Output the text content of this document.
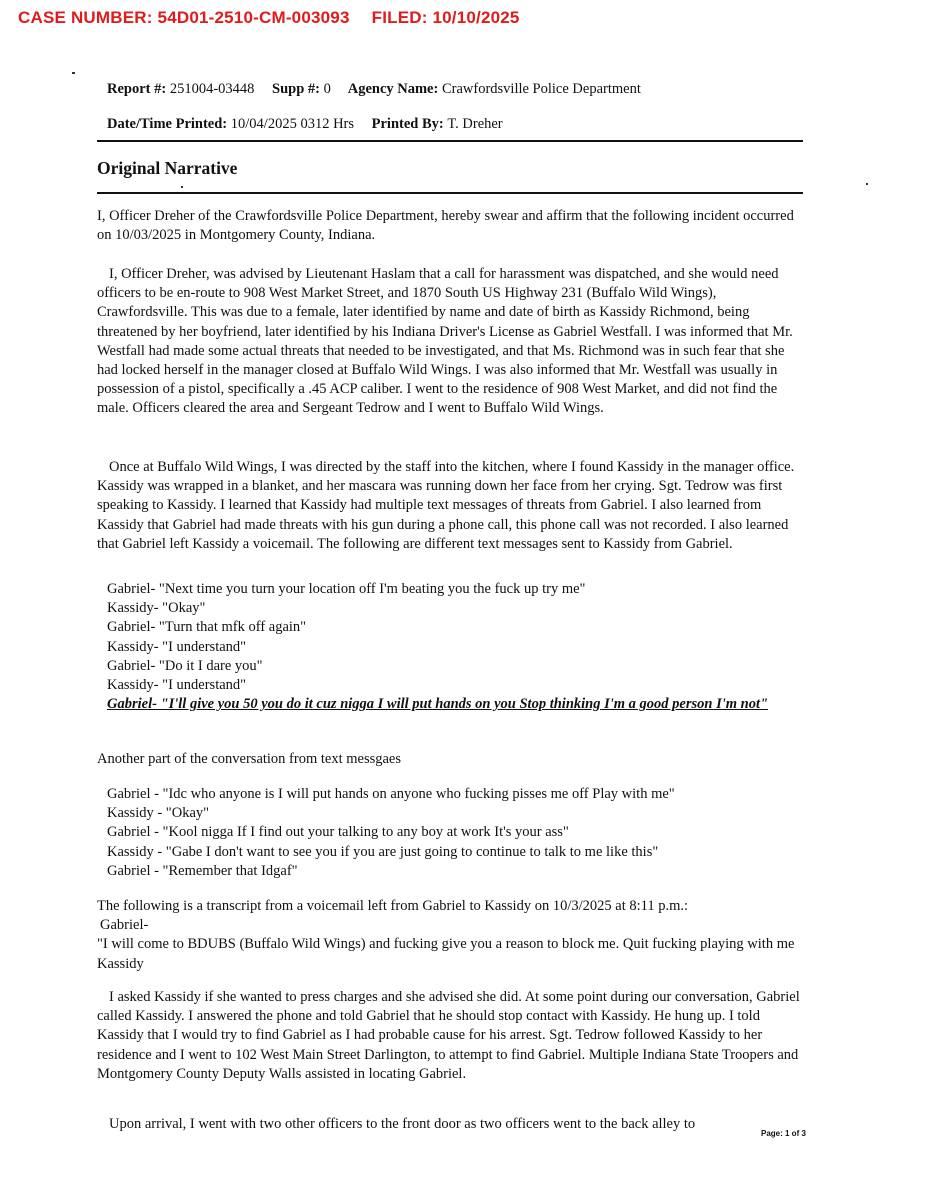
CASE NUMBER: 54D01-2510-CM-003093 FILED: 10/10/2025
Report #: 251004-03448 Supp #: 0 Agency Name: Crawfordsville Police Department
Date/Time Printed: 10/04/2025 0312 Hrs Printed By: T. Dreher
Original Narrative

I, Officer Dreher of the Crawfordsville Police Department, hereby swear and affirm that the following incident occurred on 10/03/2025 in Montgomery County, Indiana.

I, Officer Dreher, was advised by Lieutenant Haslam that a call for harassment was dispatched, and she would need officers to be en-route to 908 West Market Street, and 1870 South US Highway 231 (Buffalo Wild Wings), Crawfordsville. This was due to a female, later identified by name and date of birth as Kassidy Richmond, being threatened by her boyfriend, later identified by his Indiana Driver's License as Gabriel Westfall. I was informed that Mr. Westfall had made some actual threats that needed to be investigated, and that Ms. Richmond was in such fear that she had locked herself in the manager closed at Buffalo Wild Wings. I was also informed that Mr. Westfall was usually in possession of a pistol, specifically a .45 ACP caliber. I went to the residence of 908 West Market, and did not find the male. Officers cleared the area and Sergeant Tedrow and I went to Buffalo Wild Wings.

Once at Buffalo Wild Wings, I was directed by the staff into the kitchen, where I found Kassidy in the manager office. Kassidy was wrapped in a blanket, and her mascara was running down her face from her crying. Sgt. Tedrow was first speaking to Kassidy. I learned that Kassidy had multiple text messages of threats from Gabriel. I also learned from Kassidy that Gabriel had made threats with his gun during a phone call, this phone call was not recorded. I also learned that Gabriel left Kassidy a voicemail. The following are different text messages sent to Kassidy from Gabriel.

Gabriel- "Next time you turn your location off I'm beating you the fuck up try me"
Kassidy- "Okay"
Gabriel- "Turn that mfk off again"
Kassidy- "I understand"
Gabriel- "Do it I dare you"
Kassidy- "I understand"
Gabriel- "I'll give you 50 you do it cuz nigga I will put hands on you Stop thinking I'm a good person I'm not"

Another part of the conversation from text messgaes

Gabriel - "Idc who anyone is I will put hands on anyone who fucking pisses me off Play with me"
Kassidy - "Okay"
Gabriel - "Kool nigga If I find out your talking to any boy at work It's your ass"
Kassidy - "Gabe I don't want to see you if you are just going to continue to talk to me like this"
Gabriel - "Remember that Idgaf"

The following is a transcript from a voicemail left from Gabriel to Kassidy on 10/3/2025 at 8:11 p.m.:

Gabriel-

"I will come to BDUBS (Buffalo Wild Wings) and fucking give you a reason to block me. Quit fucking playing with me Kassidy

I asked Kassidy if she wanted to press charges and she advised she did. At some point during our conversation, Gabriel called Kassidy. I answered the phone and told Gabriel that he should stop contact with Kassidy. He hung up. I told Kassidy that I would try to find Gabriel as I had probable cause for his arrest. Sgt. Tedrow followed Kassidy to her residence and I went to 102 West Main Street Darlington, to attempt to find Gabriel. Multiple Indiana State Troopers and Montgomery County Deputy Walls assisted in locating Gabriel.

Upon arrival, I went with two other officers to the front door as two officers went to the back alley to

Page: 1 of 3
